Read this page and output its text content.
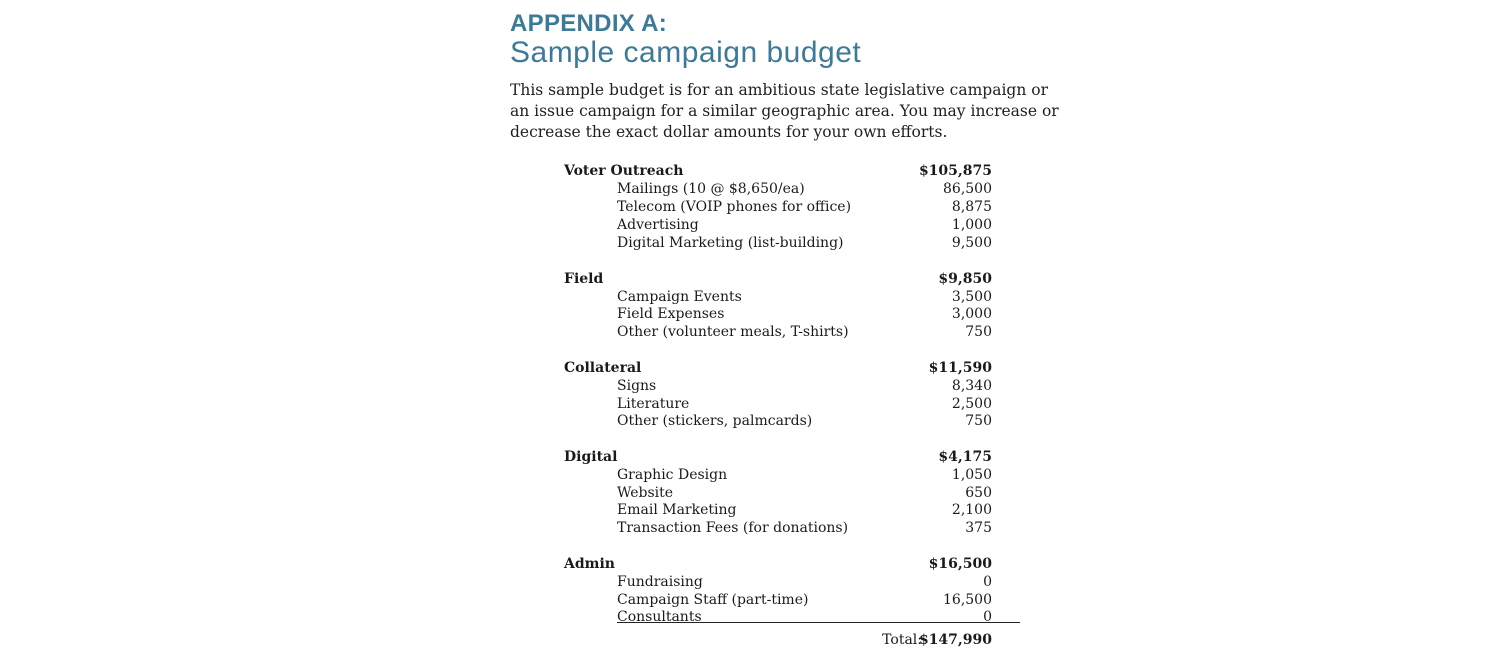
APPENDIX A:
Sample campaign budget

This sample budget is for an ambitious state legislative campaign or an issue campaign for a similar geographic area. You may increase or decrease the exact dollar amounts for your own efforts.

Voter Outreach	$105,875
Mailings (10 @ $8,650/ea)	86,500
Telecom (VOIP phones for office)	8,875
Advertising	1,000
Digital Marketing (list-building)	9,500
Field	$9,850
Campaign Events	3,500
Field Expenses	3,000
Other (volunteer meals, T-shirts)	750
Collateral	$11,590
Signs	8,340
Literature	2,500
Other (stickers, palmcards)	750
Digital	$4,175
Graphic Design	1,050
Website	650
Email Marketing	2,100
Transaction Fees (for donations)	375
Admin	$16,500
Fundraising	0
Campaign Staff (part-time)	16,500
Consultants	0
Total:
$147,990
